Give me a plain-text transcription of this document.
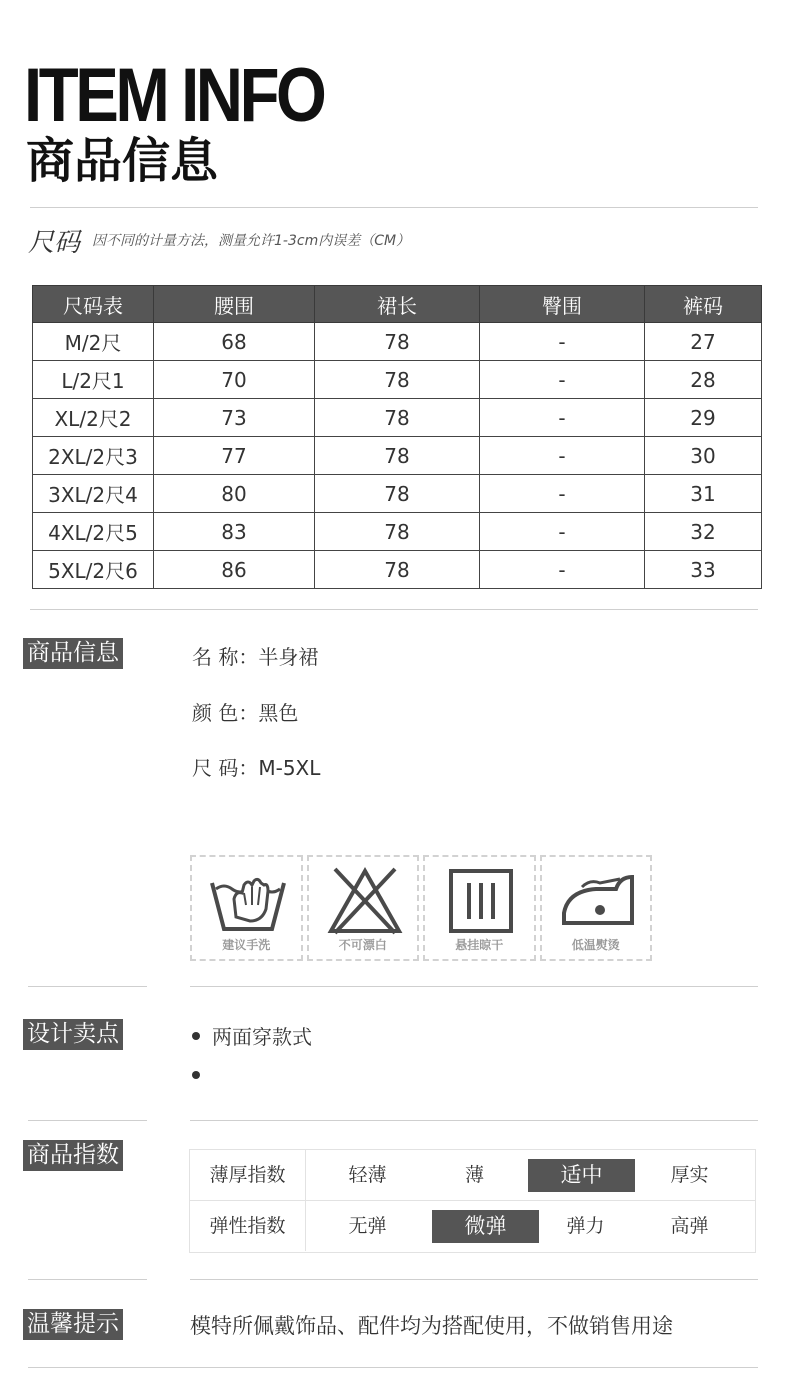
ITEM INFO
商品信息
尺码 因不同的计量方法，测量允许1-3cm内误差（CM）
尺码表	腰围	裙长	臀围	裤码
M/2尺	68	78	-	27
L/2尺1	70	78	-	28
XL/2尺2	73	78	-	29
2XL/2尺3	77	78	-	30
3XL/2尺4	80	78	-	31
4XL/2尺5	83	78	-	32
5XL/2尺6	86	78	-	33
商品信息	名 称：半身裙
颜 色：黑色
尺 码：M-5XL
建议手洗	不可漂白	悬挂晾干	低温熨烫
设计卖点	两面穿款式
商品指数
薄厚指数	轻薄	薄	适中	厚实
弹性指数	无弹	微弹	弹力	高弹
温馨提示	模特所佩戴饰品、配件均为搭配使用，不做销售用途
